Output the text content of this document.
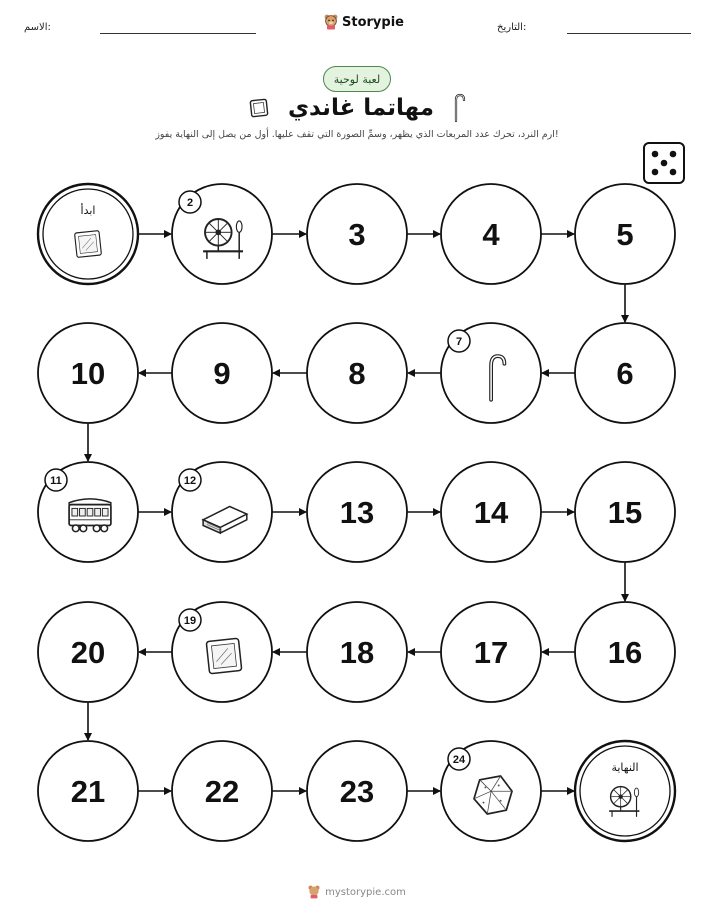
الاسم:	Storypie	التاريخ:
لعبة لوحية
مهاتما غاندي
ارم النرد، تحرك عدد المربعات الذي يظهر، وسمِّ الصورة التي تقف عليها. أول من يصل إلى النهاية يفوز!
ابدأ
2
3	4	5
6
7
8
9
10
11	12
13	14	15
16
17
18
19
20
21	22	23
24
النهاية
mystorypie.com
